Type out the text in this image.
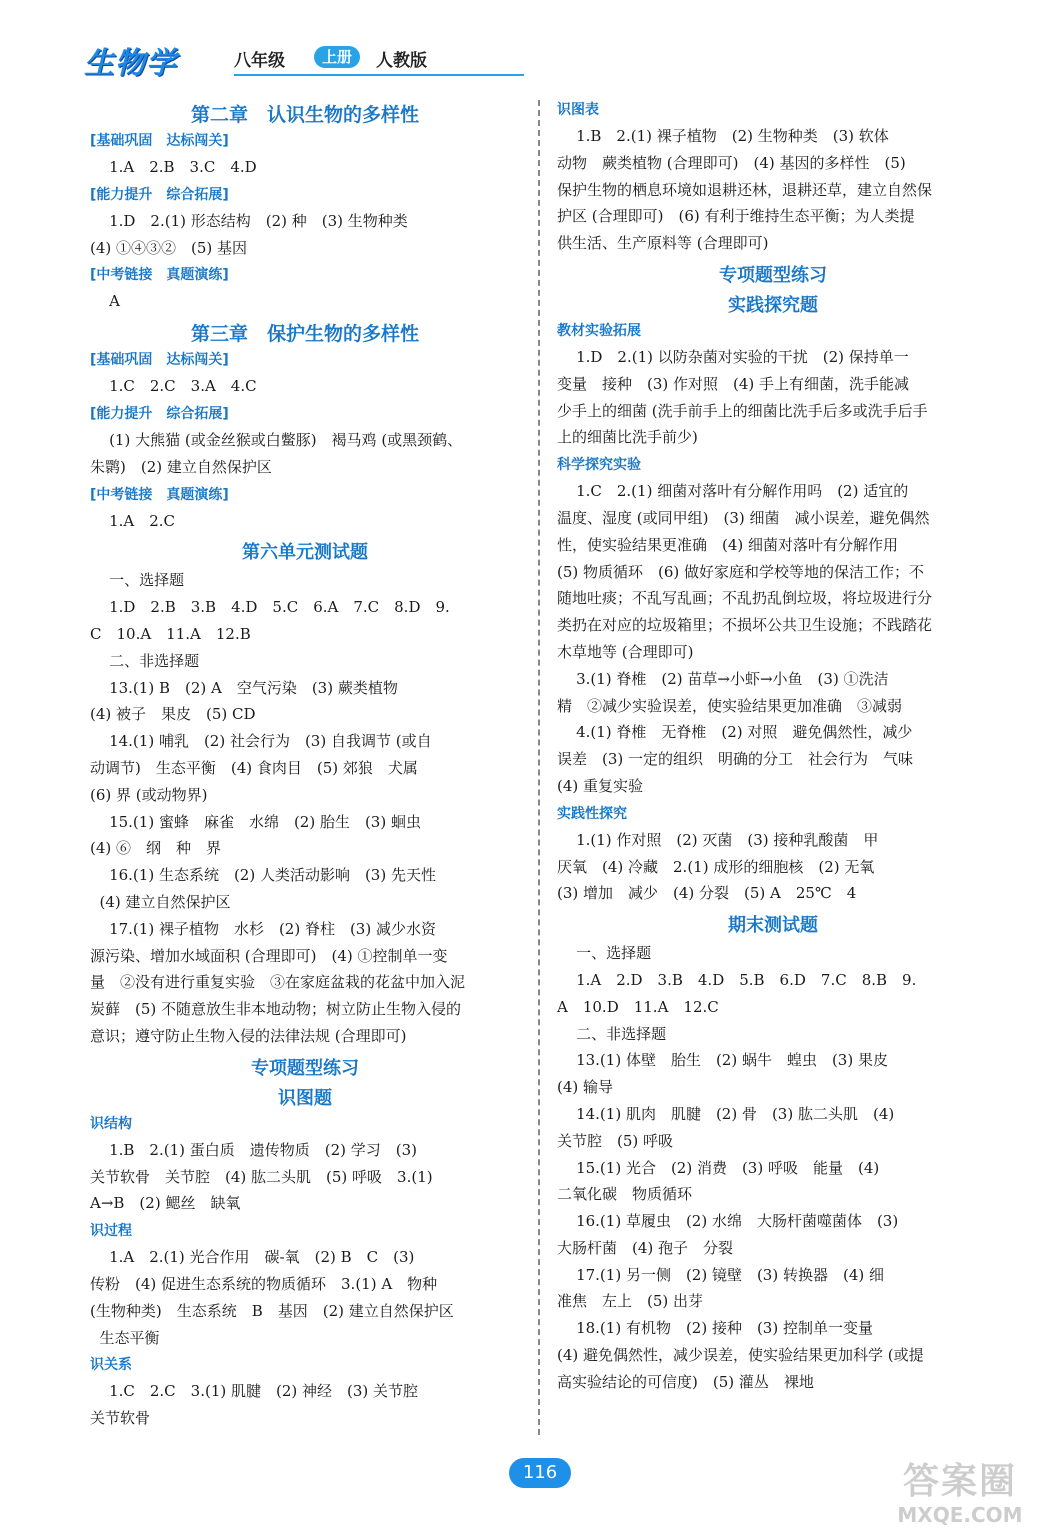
生物学	八年级	上册	人教版
第二章　认识生物的多样性
[基础巩固　达标闯关]
1.A　2.B　3.C　4.D
[能力提升　综合拓展]
1.D　2.(1) 形态结构　(2) 种　(3) 生物种类
(4) ①④③②　(5) 基因
[中考链接　真题演练]
A
第三章　保护生物的多样性
[基础巩固　达标闯关]
1.C　2.C　3.A　4.C
[能力提升　综合拓展]
(1) 大熊猫 (或金丝猴或白鳖豚)　褐马鸡 (或黑颈鹤、
朱鹮)　(2) 建立自然保护区
[中考链接　真题演练]
1.A　2.C
第六单元测试题
一、选择题
1.D　2.B　3.B　4.D　5.C　6.A　7.C　8.D　9.
C　10.A　11.A　12.B
二、非选择题
13.(1) B　(2) A　空气污染　(3) 蕨类植物
(4) 被子　果皮　(5) CD
14.(1) 哺乳　(2) 社会行为　(3) 自我调节 (或自
动调节)　生态平衡　(4) 食肉目　(5) 郊狼　犬属
(6) 界 (或动物界)
15.(1) 蜜蜂　麻雀　水绵　(2) 胎生　(3) 蛔虫
(4) ⑥　纲　种　界
16.(1) 生态系统　(2) 人类活动影响　(3) 先天性
(4) 建立自然保护区
17.(1) 裸子植物　水杉　(2) 脊柱　(3) 减少水资
源污染、增加水域面积 (合理即可)　(4) ①控制单一变
量　②没有进行重复实验　③在家庭盆栽的花盆中加入泥
炭藓　(5) 不随意放生非本地动物；树立防止生物入侵的
意识；遵守防止生物入侵的法律法规 (合理即可)
专项题型练习
识图题
识结构
1.B　2.(1) 蛋白质　遗传物质　(2) 学习　(3)
关节软骨　关节腔　(4) 肱二头肌　(5) 呼吸　3.(1)
A→B　(2) 鳃丝　缺氧
识过程
1.A　2.(1) 光合作用　碳-氧　(2) B　C　(3)
传粉　(4) 促进生态系统的物质循环　3.(1) A　物种
(生物种类)　生态系统　B　基因　(2) 建立自然保护区
生态平衡
识关系
1.C　2.C　3.(1) 肌腱　(2) 神经　(3) 关节腔
关节软骨
识图表
1.B　2.(1) 裸子植物　(2) 生物种类　(3) 软体
动物　蕨类植物 (合理即可)　(4) 基因的多样性　(5)
保护生物的栖息环境如退耕还林，退耕还草，建立自然保
护区 (合理即可)　(6) 有利于维持生态平衡；为人类提
供生活、生产原料等 (合理即可)
专项题型练习
实践探究题
教材实验拓展
1.D　2.(1) 以防杂菌对实验的干扰　(2) 保持单一
变量　接种　(3) 作对照　(4) 手上有细菌，洗手能减
少手上的细菌 (洗手前手上的细菌比洗手后多或洗手后手
上的细菌比洗手前少)
科学探究实验
1.C　2.(1) 细菌对落叶有分解作用吗　(2) 适宜的
温度、湿度 (或同甲组)　(3) 细菌　减小误差，避免偶然
性，使实验结果更准确　(4) 细菌对落叶有分解作用
(5) 物质循环　(6) 做好家庭和学校等地的保洁工作；不
随地吐痰；不乱写乱画；不乱扔乱倒垃圾，将垃圾进行分
类扔在对应的垃圾箱里；不损坏公共卫生设施；不践踏花
木草地等 (合理即可)
3.(1) 脊椎　(2) 苗草→小虾→小鱼　(3) ①洗洁
精　②减少实验误差，使实验结果更加准确　③减弱
4.(1) 脊椎　无脊椎　(2) 对照　避免偶然性，减少
误差　(3) 一定的组织　明确的分工　社会行为　气味
(4) 重复实验
实践性探究
1.(1) 作对照　(2) 灭菌　(3) 接种乳酸菌　甲
厌氧　(4) 冷藏　2.(1) 成形的细胞核　(2) 无氧
(3) 增加　减少　(4) 分裂　(5) A　25℃　4
期末测试题
一、选择题
1.A　2.D　3.B　4.D　5.B　6.D　7.C　8.B　9.
A　10.D　11.A　12.C
二、非选择题
13.(1) 体壁　胎生　(2) 蜗牛　蝗虫　(3) 果皮
(4) 输导
14.(1) 肌肉　肌腱　(2) 骨　(3) 肱二头肌　(4)
关节腔　(5) 呼吸
15.(1) 光合　(2) 消费　(3) 呼吸　能量　(4)
二氧化碳　物质循环
16.(1) 草履虫　(2) 水绵　大肠杆菌噬菌体　(3)
大肠杆菌　(4) 孢子　分裂
17.(1) 另一侧　(2) 镜壁　(3) 转换器　(4) 细
准焦　左上　(5) 出芽
18.(1) 有机物　(2) 接种　(3) 控制单一变量
(4) 避免偶然性，减少误差，使实验结果更加科学 (或提
高实验结论的可信度)　(5) 灌丛　裸地
116	答案圈
MXQE.COM
